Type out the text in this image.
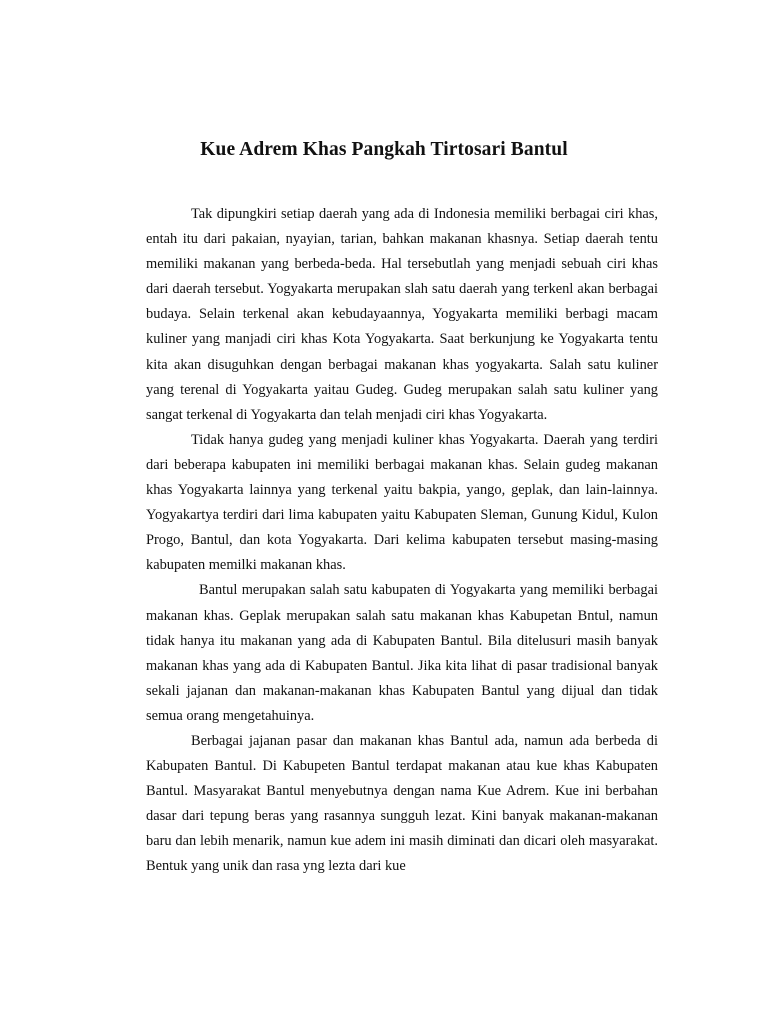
Kue Adrem Khas Pangkah Tirtosari Bantul

Tak dipungkiri setiap daerah yang ada di Indonesia memiliki berbagai ciri khas, entah itu dari pakaian, nyayian, tarian, bahkan makanan khasnya. Setiap daerah tentu memiliki makanan yang berbeda-beda. Hal tersebutlah yang menjadi sebuah ciri khas dari daerah tersebut. Yogyakarta merupakan slah satu daerah yang terkenl akan berbagai budaya. Selain terkenal akan kebudayaannya, Yogyakarta memiliki berbagi macam kuliner yang manjadi ciri khas Kota Yogyakarta. Saat berkunjung ke Yogyakarta tentu kita akan disuguhkan dengan berbagai makanan khas yogyakarta. Salah satu kuliner yang terenal di Yogyakarta yaitau Gudeg. Gudeg merupakan salah satu kuliner yang sangat terkenal di Yogyakarta dan telah menjadi ciri khas Yogyakarta.

Tidak hanya gudeg yang menjadi kuliner khas Yogyakarta. Daerah yang terdiri dari beberapa kabupaten ini memiliki berbagai makanan khas. Selain gudeg makanan khas Yogyakarta lainnya yang terkenal yaitu bakpia, yango, geplak, dan lain-lainnya. Yogyakartya terdiri dari lima kabupaten yaitu Kabupaten Sleman, Gunung Kidul, Kulon Progo, Bantul, dan kota Yogyakarta. Dari kelima kabupaten tersebut masing-masing kabupaten memilki makanan khas.

Bantul merupakan salah satu kabupaten di Yogyakarta yang memiliki berbagai makanan khas. Geplak merupakan salah satu makanan khas Kabupetan Bntul, namun tidak hanya itu makanan yang ada di Kabupaten Bantul. Bila ditelusuri masih banyak makanan khas yang ada di Kabupaten Bantul. Jika kita lihat di pasar tradisional banyak sekali jajanan dan makanan-makanan khas Kabupaten Bantul yang dijual dan tidak semua orang mengetahuinya.

Berbagai jajanan pasar dan makanan khas Bantul ada, namun ada berbeda di Kabupaten Bantul. Di Kabupeten Bantul terdapat makanan atau kue khas Kabupaten Bantul. Masyarakat Bantul menyebutnya dengan nama Kue Adrem. Kue ini berbahan dasar dari tepung beras yang rasannya sungguh lezat. Kini banyak makanan-makanan baru dan lebih menarik, namun kue adem ini masih diminati dan dicari oleh masyarakat. Bentuk yang unik dan rasa yng lezta dari kue
